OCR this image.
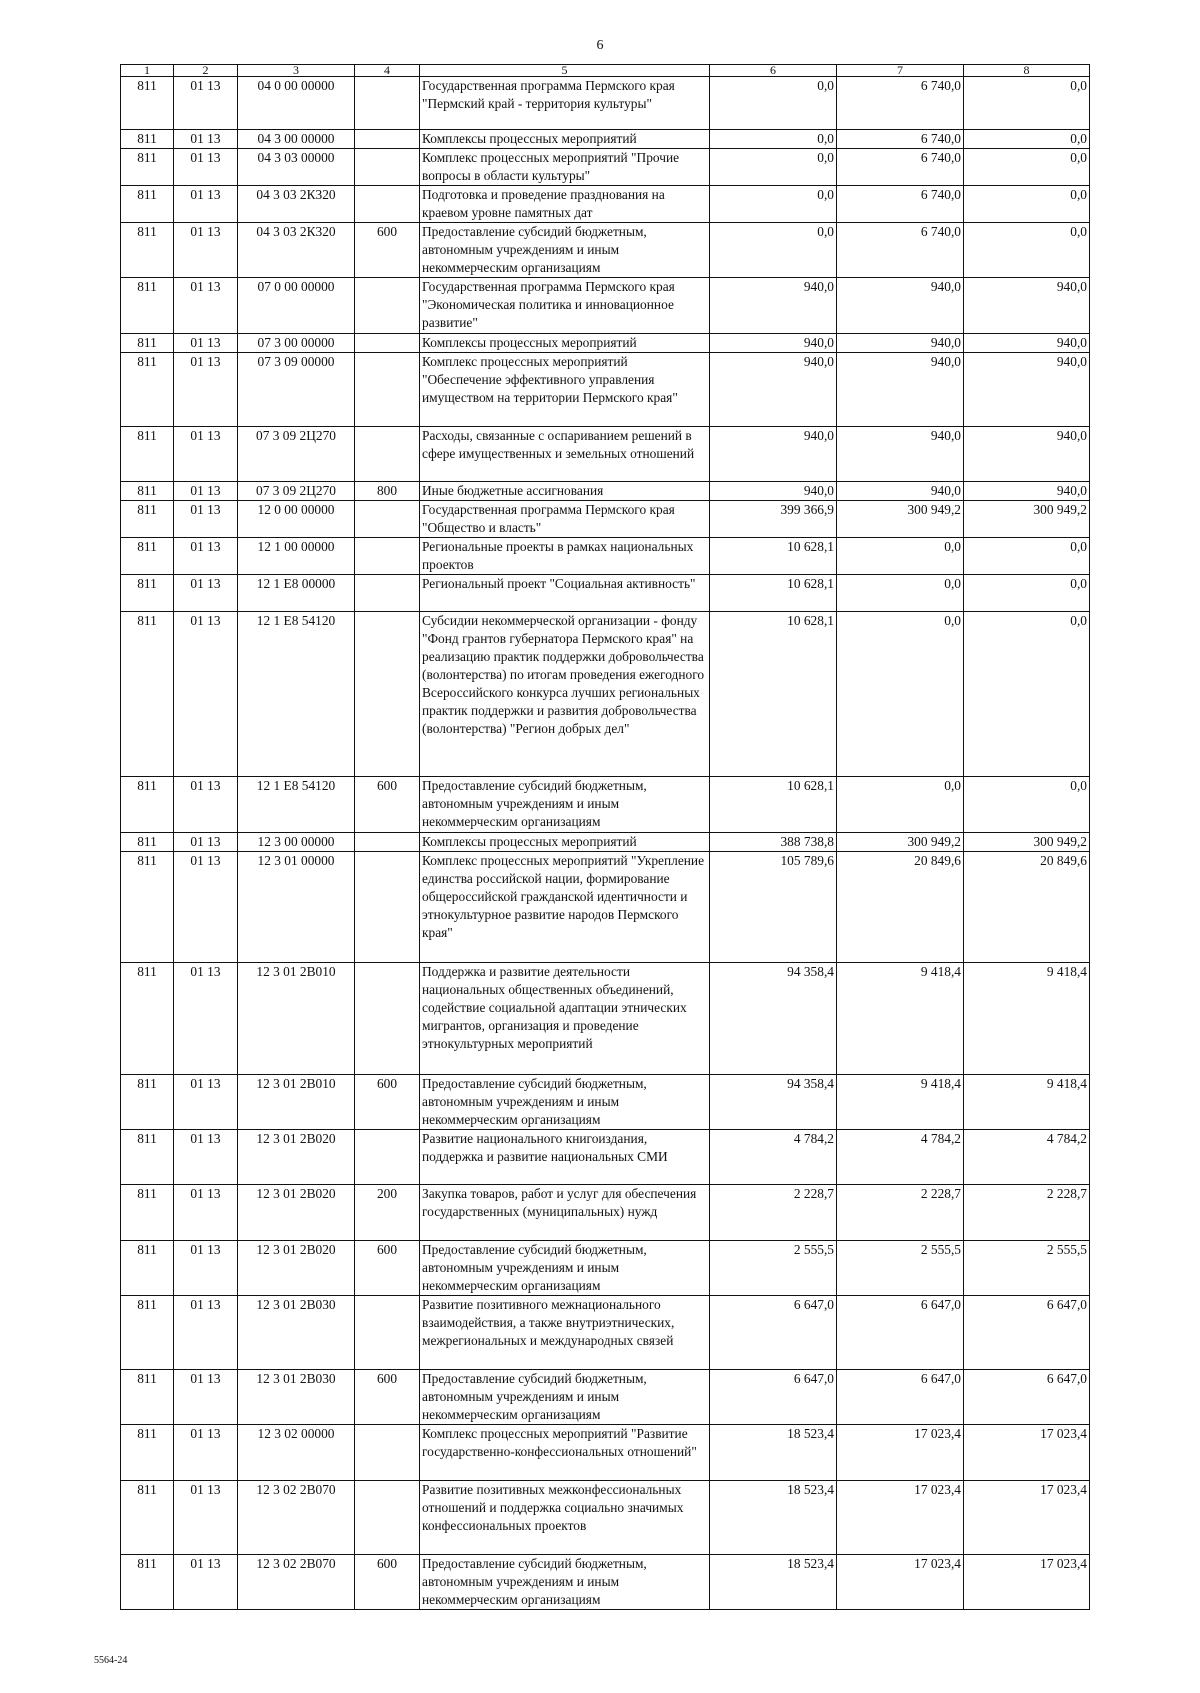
6
1	2	3	4	5	6	7	8
811	01 13	04 0 00 00000		Государственная программа Пермского края "Пермский край - территория культуры"	0,0	6 740,0	0,0
811	01 13	04 3 00 00000		Комплексы процессных мероприятий	0,0	6 740,0	0,0
811	01 13	04 3 03 00000		Комплекс процессных мероприятий "Прочие вопросы в области культуры"	0,0	6 740,0	0,0
811	01 13	04 3 03 2К320		Подготовка и проведение празднования на краевом уровне памятных дат	0,0	6 740,0	0,0
811	01 13	04 3 03 2К320	600	Предоставление субсидий бюджетным, автономным учреждениям и иным некоммерческим организациям	0,0	6 740,0	0,0
811	01 13	07 0 00 00000		Государственная программа Пермского края "Экономическая политика и инновационное развитие"	940,0	940,0	940,0
811	01 13	07 3 00 00000		Комплексы процессных мероприятий	940,0	940,0	940,0
811	01 13	07 3 09 00000		Комплекс процессных мероприятий "Обеспечение эффективного управления имуществом на территории Пермского края"	940,0	940,0	940,0
811	01 13	07 3 09 2Ц270		Расходы, связанные с оспариванием решений в сфере имущественных и земельных отношений	940,0	940,0	940,0
811	01 13	07 3 09 2Ц270	800	Иные бюджетные ассигнования	940,0	940,0	940,0
811	01 13	12 0 00 00000		Государственная программа Пермского края "Общество и власть"	399 366,9	300 949,2	300 949,2
811	01 13	12 1 00 00000		Региональные проекты в рамках национальных проектов	10 628,1	0,0	0,0
811	01 13	12 1 Е8 00000		Региональный проект "Социальная активность"	10 628,1	0,0	0,0
811	01 13	12 1 Е8 54120		Субсидии некоммерческой организации - фонду "Фонд грантов губернатора Пермского края" на реализацию практик поддержки добровольчества (волонтерства) по итогам проведения ежегодного Всероссийского конкурса лучших региональных практик поддержки и развития добровольчества (волонтерства) "Регион добрых дел"	10 628,1	0,0	0,0
811	01 13	12 1 Е8 54120	600	Предоставление субсидий бюджетным, автономным учреждениям и иным некоммерческим организациям	10 628,1	0,0	0,0
811	01 13	12 3 00 00000		Комплексы процессных мероприятий	388 738,8	300 949,2	300 949,2
811	01 13	12 3 01 00000		Комплекс процессных мероприятий "Укрепление единства российской нации, формирование общероссийской гражданской идентичности и этнокультурное развитие народов Пермского края"	105 789,6	20 849,6	20 849,6
811	01 13	12 3 01 2В010		Поддержка и развитие деятельности национальных общественных объединений, содействие социальной адаптации этнических мигрантов, организация и проведение этнокультурных мероприятий	94 358,4	9 418,4	9 418,4
811	01 13	12 3 01 2В010	600	Предоставление субсидий бюджетным, автономным учреждениям и иным некоммерческим организациям	94 358,4	9 418,4	9 418,4
811	01 13	12 3 01 2В020		Развитие национального книгоиздания, поддержка и развитие национальных СМИ	4 784,2	4 784,2	4 784,2
811	01 13	12 3 01 2В020	200	Закупка товаров, работ и услуг для обеспечения государственных (муниципальных) нужд	2 228,7	2 228,7	2 228,7
811	01 13	12 3 01 2В020	600	Предоставление субсидий бюджетным, автономным учреждениям и иным некоммерческим организациям	2 555,5	2 555,5	2 555,5
811	01 13	12 3 01 2В030		Развитие позитивного межнационального взаимодействия, а также внутриэтнических, межрегиональных и международных связей	6 647,0	6 647,0	6 647,0
811	01 13	12 3 01 2В030	600	Предоставление субсидий бюджетным, автономным учреждениям и иным некоммерческим организациям	6 647,0	6 647,0	6 647,0
811	01 13	12 3 02 00000		Комплекс процессных мероприятий "Развитие государственно-конфессиональных отношений"	18 523,4	17 023,4	17 023,4
811	01 13	12 3 02 2В070		Развитие позитивных межконфессиональных отношений и поддержка социально значимых конфессиональных проектов	18 523,4	17 023,4	17 023,4
811	01 13	12 3 02 2В070	600	Предоставление субсидий бюджетным, автономным учреждениям и иным некоммерческим организациям	18 523,4	17 023,4	17 023,4
5564-24
